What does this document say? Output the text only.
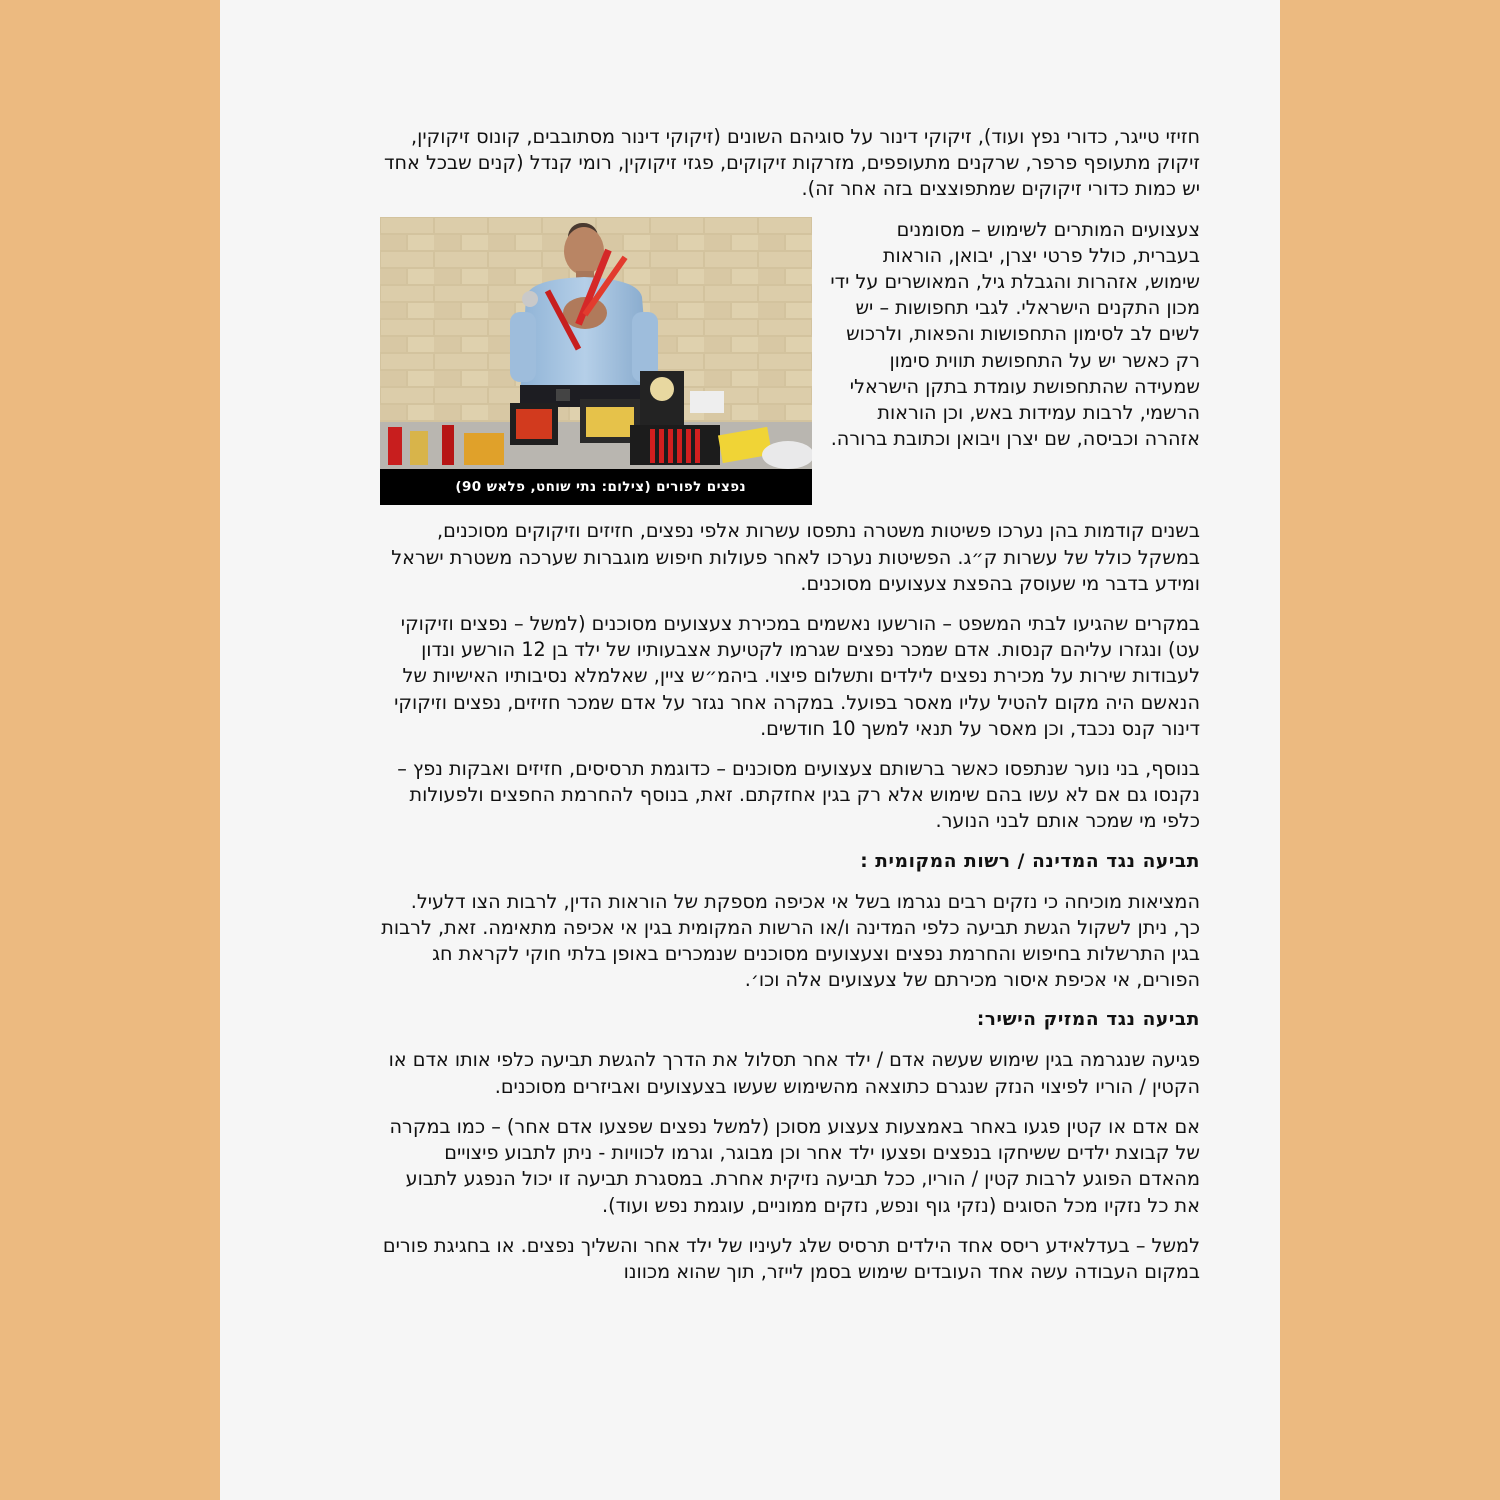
חזיזי טייגר, כדורי נפץ ועוד), זיקוקי דינור על סוגיהם השונים (זיקוקי דינור מסתובבים, קונוס זיקוקין, זיקוק מתעופף פרפר, שרקנים מתעופפים, מזרקות זיקוקים, פגזי זיקוקין, רומי קנדל (קנים שבכל אחד יש כמות כדורי זיקוקים שמתפוצצים בזה אחר זה).

נפצים לפורים (צילום: נתי שוחט, פלאש 90)

צעצועים המותרים לשימוש – מסומנים בעברית, כולל פרטי יצרן, יבואן, הוראות שימוש, אזהרות והגבלת גיל, המאושרים על ידי מכון התקנים הישראלי. לגבי תחפושות – יש לשים לב לסימון התחפושות והפאות, ולרכוש רק כאשר יש על התחפושת תווית סימון שמעידה שהתחפושת עומדת בתקן הישראלי הרשמי, לרבות עמידות באש, וכן הוראות אזהרה וכביסה, שם יצרן ויבואן וכתובת ברורה.

בשנים קודמות בהן נערכו פשיטות משטרה נתפסו עשרות אלפי נפצים, חזיזים וזיקוקים מסוכנים, במשקל כולל של עשרות ק״ג. הפשיטות נערכו לאחר פעולות חיפוש מוגברות שערכה משטרת ישראל ומידע בדבר מי שעוסק בהפצת צעצועים מסוכנים.

במקרים שהגיעו לבתי המשפט – הורשעו נאשמים במכירת צעצועים מסוכנים (למשל – נפצים וזיקוקי עט) ונגזרו עליהם קנסות. אדם שמכר נפצים שגרמו לקטיעת אצבעותיו של ילד בן 12 הורשע ונדון לעבודות שירות על מכירת נפצים לילדים ותשלום פיצוי. ביהמ״ש ציין, שאלמלא נסיבותיו האישיות של הנאשם היה מקום להטיל עליו מאסר בפועל. במקרה אחר נגזר על אדם שמכר חזיזים, נפצים וזיקוקי דינור קנס נכבד, וכן מאסר על תנאי למשך 10 חודשים.

בנוסף, בני נוער שנתפסו כאשר ברשותם צעצועים מסוכנים – כדוגמת תרסיסים, חזיזים ואבקות נפץ – נקנסו גם אם לא עשו בהם שימוש אלא רק בגין אחזקתם. זאת, בנוסף להחרמת החפצים ולפעולות כלפי מי שמכר אותם לבני הנוער.

תביעה נגד המדינה / רשות המקומית :

המציאות מוכיחה כי נזקים רבים נגרמו בשל אי אכיפה מספקת של הוראות הדין, לרבות הצו דלעיל. כך, ניתן לשקול הגשת תביעה כלפי המדינה ו/או הרשות המקומית בגין אי אכיפה מתאימה. זאת, לרבות בגין התרשלות בחיפוש והחרמת נפצים וצעצועים מסוכנים שנמכרים באופן בלתי חוקי לקראת חג הפורים, אי אכיפת איסור מכירתם של צעצועים אלה וכו׳.

תביעה נגד המזיק הישיר:

פגיעה שנגרמה בגין שימוש שעשה אדם / ילד אחר תסלול את הדרך להגשת תביעה כלפי אותו אדם או הקטין / הוריו לפיצוי הנזק שנגרם כתוצאה מהשימוש שעשו בצעצועים ואביזרים מסוכנים.

אם אדם או קטין פגעו באחר באמצעות צעצוע מסוכן (למשל נפצים שפצעו אדם אחר) – כמו במקרה של קבוצת ילדים ששיחקו בנפצים ופצעו ילד אחר וכן מבוגר, וגרמו לכוויות - ניתן לתבוע פיצויים מהאדם הפוגע לרבות קטין / הוריו, ככל תביעה נזיקית אחרת. במסגרת תביעה זו יכול הנפגע לתבוע את כל נזקיו מכל הסוגים (נזקי גוף ונפש, נזקים ממוניים, עוגמת נפש ועוד).

למשל – בעדלאידע ריסס אחד הילדים תרסיס שלג לעיניו של ילד אחר והשליך נפצים. או בחגיגת פורים במקום העבודה עשה אחד העובדים שימוש בסמן לייזר, תוך שהוא מכוונו
